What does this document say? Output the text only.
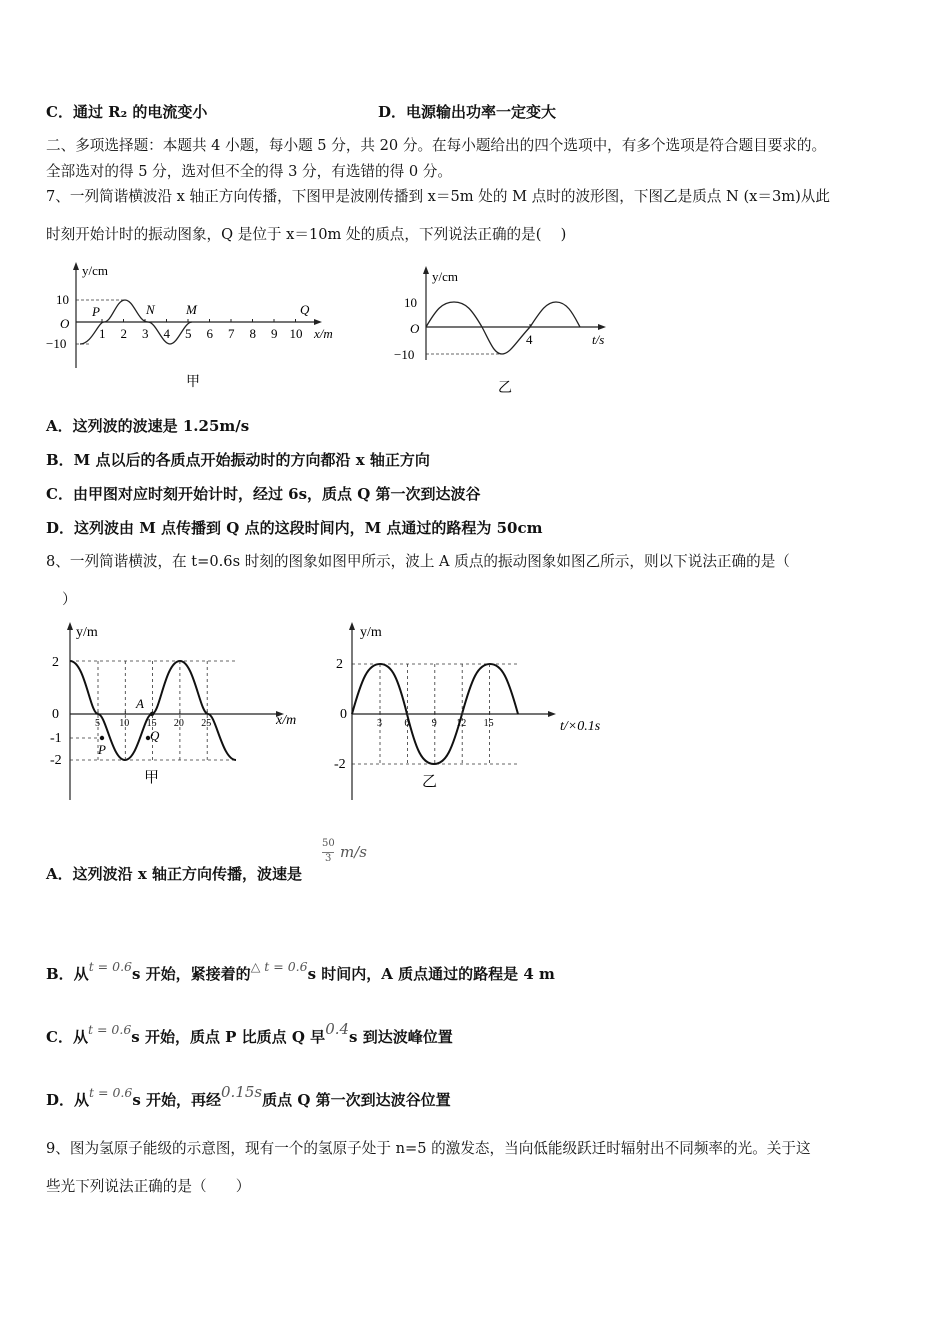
C．通过 R₂ 的电流变小	D．电源输出功率一定变大
二、多项选择题：本题共 4 小题，每小题 5 分，共 20 分。在每小题给出的四个选项中，有多个选项是符合题目要求的。
全部选对的得 5 分，选对但不全的得 3 分，有选错的得 0 分。
7、一列简谐横波沿 x 轴正方向传播，下图甲是波刚传播到 x＝5m 处的 M 点时的波形图，下图乙是质点 N (x＝3m)从此
时刻开始计时的振动图象，Q 是位于 x＝10m 处的质点，下列说法正确的是(　 )
y/cm
x/m
O
10
−10
1 2 3 4 5 6 7 8 9 10
P	N M	Q
甲
y/cm
t/s
O
10
−10
4
乙
A．这列波的波速是 1.25m/s
B．M 点以后的各质点开始振动时的方向都沿 x 轴正方向
C．由甲图对应时刻开始计时，经过 6s，质点 Q 第一次到达波谷
D．这列波由 M 点传播到 Q 点的这段时间内，M 点通过的路程为 50cm
8、一列简谐横波，在 t=0.6s 时刻的图象如图甲所示，波上 A 质点的振动图象如图乙所示，则以下说法正确的是（
）
y/m
x/m
0
2
-1
-2
A
P
Q
5 10 15 20 25
甲
y/m
t/×0.1s
0
2
-2
3 6 9 12 15
乙
A．这列波沿 x 轴正方向传播，波速是
50
3 m/s
B．从$^{t = 0.6}$s 开始，紧接着的$^{\triangle t = 0.6}$s 时间内，A 质点通过的路程是 4 m
C．从$^{t = 0.6}$s 开始，质点 P 比质点 Q 早0.4s 到达波峰位置
D．从$^{t = 0.6}$s 开始，再经0.15s质点 Q 第一次到达波谷位置
9、图为氢原子能级的示意图，现有一个的氢原子处于 n=5 的激发态，当向低能级跃迁时辐射出不同频率的光。关于这
些光下列说法正确的是（　　）
